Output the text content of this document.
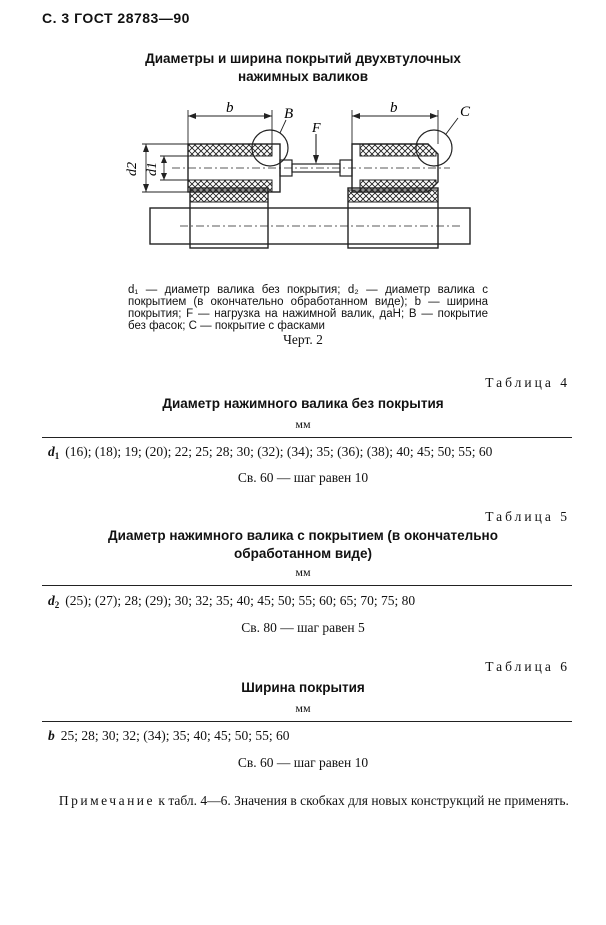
С. 3 ГОСТ 28783—90
Диаметры и ширина покрытий двухвтулочных
нажимных валиков
b	b
B	C
F
d2 d1
d₁ — диаметр валика без покрытия; d₂ — диаметр валика с покрытием (в окончательно обработанном виде); b — ширина покрытия; F — нагрузка на нажимной валик, даН; B — покрытие без фасок; C — покрытие с фасками
Черт. 2
Таблица 4
Диаметр нажимного валика без покрытия
мм
$d_1$ (16); (18); 19; (20); 22; 25; 28; 30; (32); (34); 35; (36); (38); 40; 45; 50; 55; 60
Св. 60 — шаг равен 10
Таблица 5
Диаметр нажимного валика с покрытием (в окончательно
обработанном виде)
мм
$d_2$ (25); (27); 28; (29); 30; 32; 35; 40; 45; 50; 55; 60; 65; 70; 75; 80
Св. 80 — шаг равен 5
Таблица 6
Ширина покрытия
мм
b 25; 28; 30; 32; (34); 35; 40; 45; 50; 55; 60
Св. 60 — шаг равен 10
Примечание к табл. 4—6. Значения в скобках для новых конструкций не применять.
